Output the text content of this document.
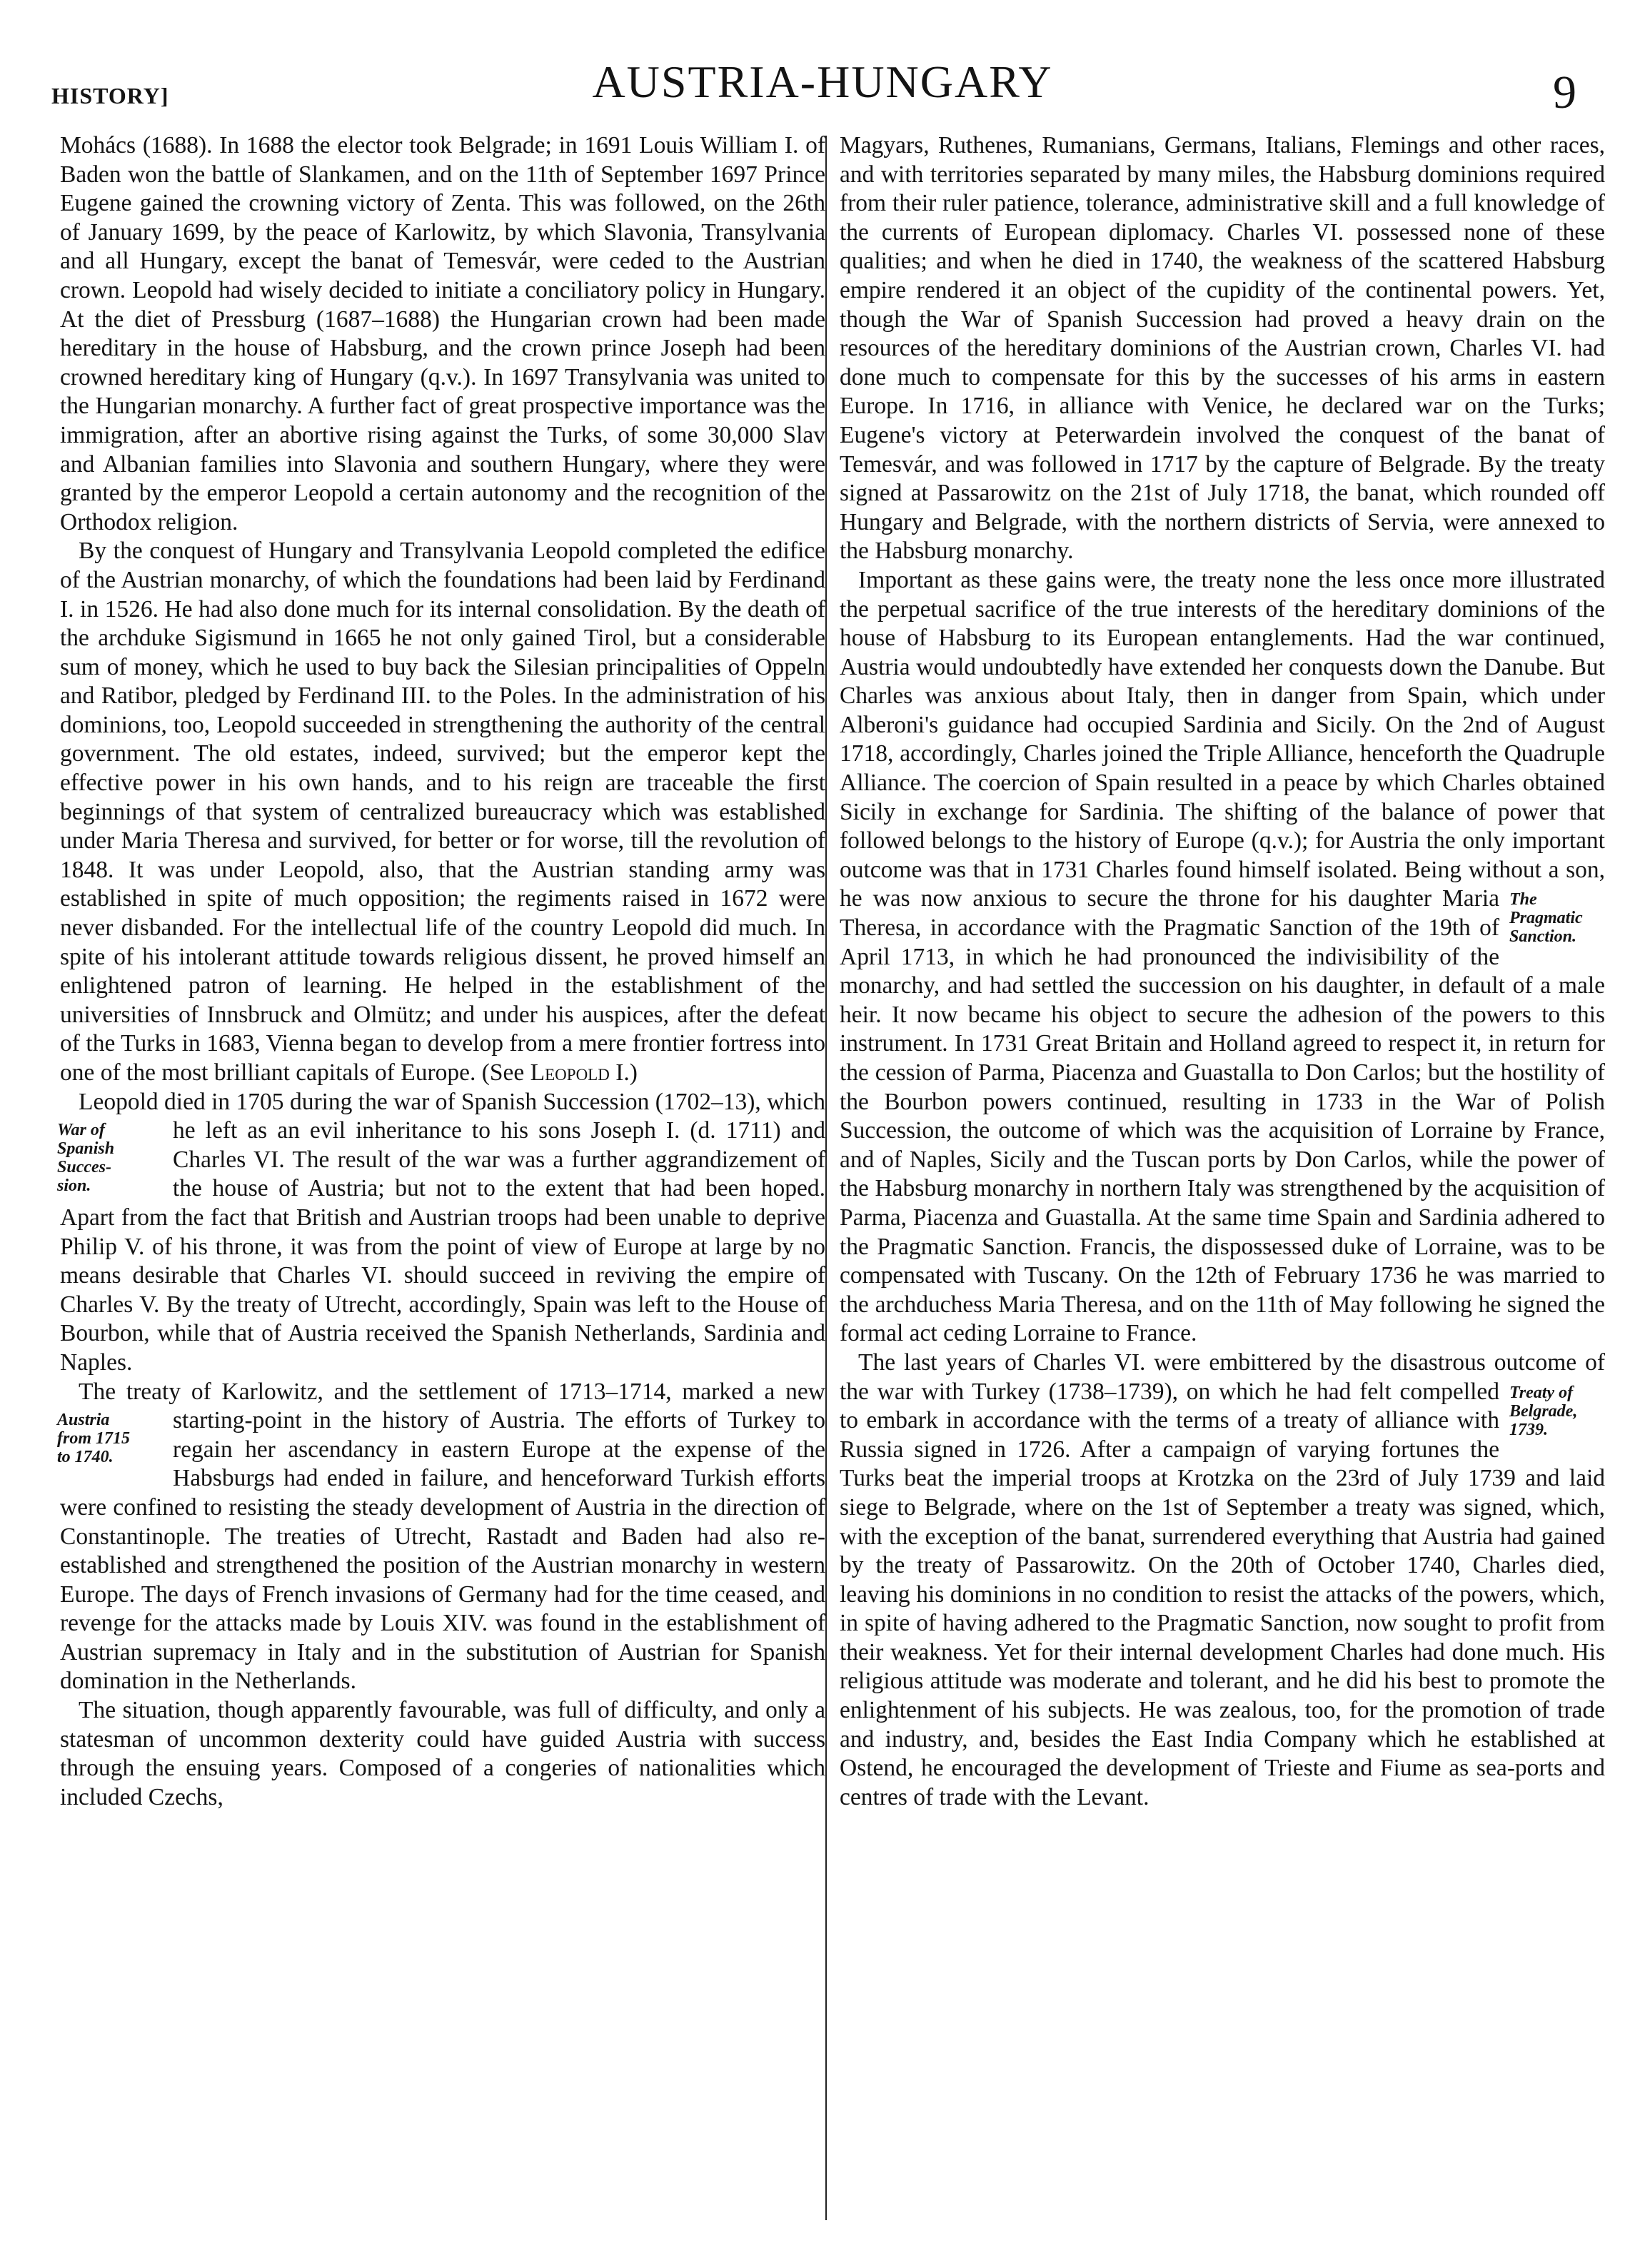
HISTORY]	AUSTRIA-HUNGARY	9

Mohács (1688). In 1688 the elector took Belgrade; in 1691 Louis William I. of Baden won the battle of Slankamen, and on the 11th of September 1697 Prince Eugene gained the crowning victory of Zenta. This was followed, on the 26th of January 1699, by the peace of Karlowitz, by which Slavonia, Transylvania and all Hungary, except the banat of Temesvár, were ceded to the Austrian crown. Leopold had wisely decided to initiate a conciliatory policy in Hungary. At the diet of Pressburg (1687–1688) the Hungarian crown had been made hereditary in the house of Habsburg, and the crown prince Joseph had been crowned hereditary king of Hungary (q.v.). In 1697 Transylvania was united to the Hungarian monarchy. A further fact of great prospective importance was the immigration, after an abortive rising against the Turks, of some 30,000 Slav and Albanian families into Slavonia and southern Hungary, where they were granted by the emperor Leopold a certain autonomy and the recognition of the Orthodox religion.

By the conquest of Hungary and Transylvania Leopold completed the edifice of the Austrian monarchy, of which the foundations had been laid by Ferdinand I. in 1526. He had also done much for its internal consolidation. By the death of the archduke Sigismund in 1665 he not only gained Tirol, but a considerable sum of money, which he used to buy back the Silesian principalities of Oppeln and Ratibor, pledged by Ferdinand III. to the Poles. In the administration of his dominions, too, Leopold succeeded in strengthening the authority of the central government. The old estates, indeed, survived; but the emperor kept the effective power in his own hands, and to his reign are traceable the first beginnings of that system of centralized bureaucracy which was established under Maria Theresa and survived, for better or for worse, till the revolution of 1848. It was under Leopold, also, that the Austrian standing army was established in spite of much opposition; the regiments raised in 1672 were never disbanded. For the intellectual life of the country Leopold did much. In spite of his intolerant attitude towards religious dissent, he proved himself an enlightened patron of learning. He helped in the establishment of the universities of Innsbruck and Olmütz; and under his auspices, after the defeat of the Turks in 1683, Vienna began to develop from a mere frontier fortress into one of the most brilliant capitals of Europe. (See Leopold I.)

Leopold died in 1705 during the war of Spanish Succession (1702–13), which he left as an evil inheritance to his sons Joseph I.
War of
Spanish
Succes-
sion.
(d. 1711) and Charles VI. The result of the war was a further aggrandizement of the house of Austria; but not to the extent that had been hoped. Apart from the fact that British and Austrian troops had been unable to deprive Philip V. of his throne, it was from the point of view of Europe at large by no means desirable that Charles VI. should succeed in reviving the empire of Charles V. By the treaty of Utrecht, accordingly, Spain was left to the House of Bourbon, while that of Austria received the Spanish Netherlands, Sardinia and Naples.

The treaty of Karlowitz, and the settlement of 1713–1714, marked a new starting-point in the history of Austria. The
Austria
from 1715
to 1740.
efforts of Turkey to regain her ascendancy in eastern Europe at the expense of the Habsburgs had ended in failure, and henceforward Turkish efforts were confined to resisting the steady development of Austria in the direction of Constantinople. The treaties of Utrecht, Rastadt and Baden had also re-established and strengthened the position of the Austrian monarchy in western Europe. The days of French invasions of Germany had for the time ceased, and revenge for the attacks made by Louis XIV. was found in the establishment of Austrian supremacy in Italy and in the substitution of Austrian for Spanish domination in the Netherlands.

The situation, though apparently favourable, was full of difficulty, and only a statesman of uncommon dexterity could have guided Austria with success through the ensuing years. Composed of a congeries of nationalities which included Czechs,

Magyars, Ruthenes, Rumanians, Germans, Italians, Flemings and other races, and with territories separated by many miles, the Habsburg dominions required from their ruler patience, tolerance, administrative skill and a full knowledge of the currents of European diplomacy. Charles VI. possessed none of these qualities; and when he died in 1740, the weakness of the scattered Habsburg empire rendered it an object of the cupidity of the continental powers. Yet, though the War of Spanish Succession had proved a heavy drain on the resources of the hereditary dominions of the Austrian crown, Charles VI. had done much to compensate for this by the successes of his arms in eastern Europe. In 1716, in alliance with Venice, he declared war on the Turks; Eugene's victory at Peterwardein involved the conquest of the banat of Temesvár, and was followed in 1717 by the capture of Belgrade. By the treaty signed at Passarowitz on the 21st of July 1718, the banat, which rounded off Hungary and Belgrade, with the northern districts of Servia, were annexed to the Habsburg monarchy.

Important as these gains were, the treaty none the less once more illustrated the perpetual sacrifice of the true interests of the hereditary dominions of the house of Habsburg to its European entanglements. Had the war continued, Austria would undoubtedly have extended her conquests down the Danube. But Charles was anxious about Italy, then in danger from Spain, which under Alberoni's guidance had occupied Sardinia and Sicily. On the 2nd of August 1718, accordingly, Charles joined the Triple Alliance, henceforth the Quadruple Alliance. The coercion of Spain resulted in a peace by which Charles obtained Sicily in exchange for Sardinia. The shifting of the balance of power that followed belongs to the history of Europe (q.v.); for Austria the only important outcome was that in 1731 Charles found himself isolated. Being without a son, he	The
Pragmatic
Sanction.
was now anxious to secure the throne for his daughter Maria Theresa, in accordance with the Pragmatic Sanction of the 19th of April 1713, in which he had pronounced the indivisibility of the monarchy, and had settled the succession on his daughter, in default of a male heir. It now became his object to secure the adhesion of the powers to this instrument. In 1731 Great Britain and Holland agreed to respect it, in return for the cession of Parma, Piacenza and Guastalla to Don Carlos; but the hostility of the Bourbon powers continued, resulting in 1733 in the War of Polish Succession, the outcome of which was the acquisition of Lorraine by France, and of Naples, Sicily and the Tuscan ports by Don Carlos, while the power of the Habsburg monarchy in northern Italy was strengthened by the acquisition of Parma, Piacenza and Guastalla. At the same time Spain and Sardinia adhered to the Pragmatic Sanction. Francis, the dispossessed duke of Lorraine, was to be compensated with Tuscany. On the 12th of February 1736 he was married to the archduchess Maria Theresa, and on the 11th of May following he signed the formal act ceding Lorraine to France.

The last years of Charles VI. were embittered by the disastrous outcome of the war with Turkey (1738–1739), on which he had	Treaty of
Belgrade,
1739.
felt compelled to embark in accordance with the terms of a treaty of alliance with Russia signed in 1726. After a campaign of varying fortunes the Turks beat the imperial troops at Krotzka on the 23rd of July 1739 and laid siege to Belgrade, where on the 1st of September a treaty was signed, which, with the exception of the banat, surrendered everything that Austria had gained by the treaty of Passarowitz. On the 20th of October 1740, Charles died, leaving his dominions in no condition to resist the attacks of the powers, which, in spite of having adhered to the Pragmatic Sanction, now sought to profit from their weakness. Yet for their internal development Charles had done much. His religious attitude was moderate and tolerant, and he did his best to promote the enlightenment of his subjects. He was zealous, too, for the promotion of trade and industry, and, besides the East India Company which he established at Ostend, he encouraged the development of Trieste and Fiume as sea-ports and centres of trade with the Levant.
